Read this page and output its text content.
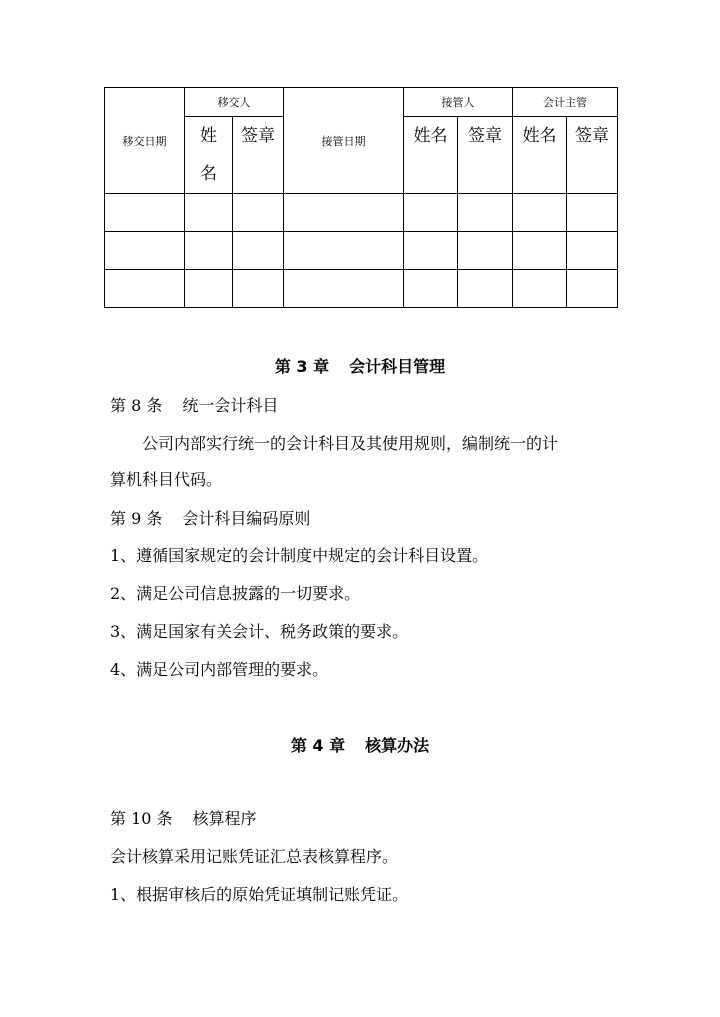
移交日期	移交人		接管日期	接管人		会计主管	
	姓名	签章		姓名	签章	姓名	签章

第 3 章 会计科目管理
第 8 条 统一会计科目
公司内部实行统一的会计科目及其使用规则，编制统一的计
算机科目代码。
第 9 条 会计科目编码原则
1、遵循国家规定的会计制度中规定的会计科目设置。
2、满足公司信息披露的一切要求。
3、满足国家有关会计、税务政策的要求。
4、满足公司内部管理的要求。
第 4 章 核算办法
第 10 条 核算程序
会计核算采用记账凭证汇总表核算程序。
1、根据审核后的原始凭证填制记账凭证。
